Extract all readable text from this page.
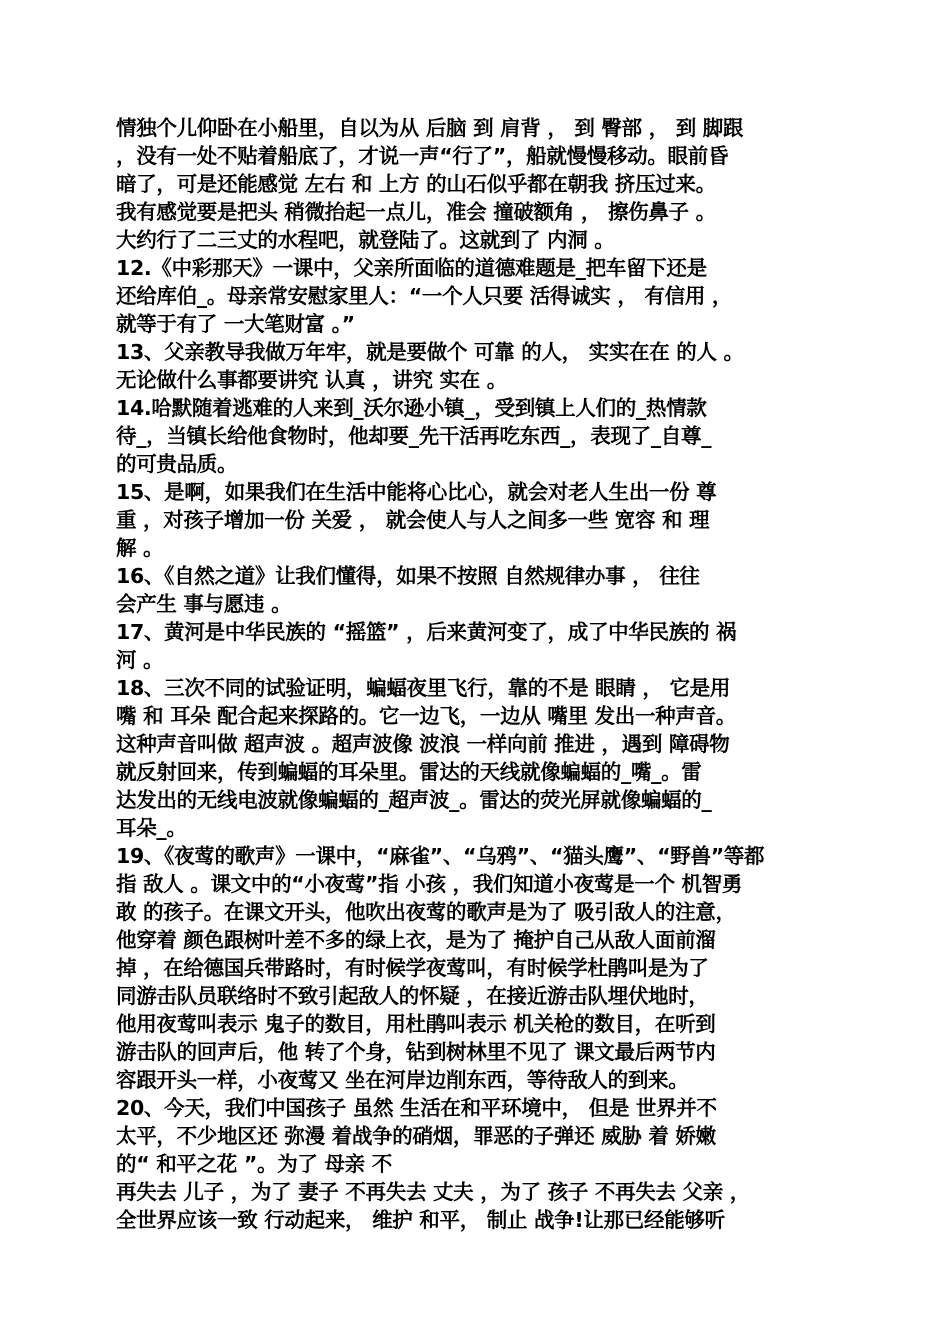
情独个儿仰卧在小船里，自以为从 后脑 到 肩背 ， 到 臀部 ， 到 脚跟
，没有一处不贴着船底了，才说一声“行了”，船就慢慢移动。眼前昏
暗了，可是还能感觉 左右 和 上方 的山石似乎都在朝我 挤压过来。
我有感觉要是把头 稍微抬起一点儿，准会 撞破额角 ， 擦伤鼻子 。
大约行了二三丈的水程吧，就登陆了。这就到了 内洞 。
12.《中彩那天》一课中，父亲所面临的道德难题是_把车留下还是
还给库伯_。母亲常安慰家里人：“一个人只要 活得诚实 ， 有信用 ，
就等于有了 一大笔财富 。”
13、父亲教导我做万年牢，就是要做个 可靠 的人， 实实在在 的人 。
无论做什么事都要讲究 认真 ，讲究 实在 。
14.哈默随着逃难的人来到_沃尔逊小镇_，受到镇上人们的_热情款
待_，当镇长给他食物时，他却要_先干活再吃东西_，表现了_自尊_
的可贵品质。
15、是啊，如果我们在生活中能将心比心，就会对老人生出一份 尊
重 ，对孩子增加一份 关爱 ， 就会使人与人之间多一些 宽容 和 理
解 。
16、《自然之道》让我们懂得，如果不按照 自然规律办事 ， 往往
会产生 事与愿违 。
17、黄河是中华民族的 “摇篮” ，后来黄河变了，成了中华民族的 祸
河 。
18、三次不同的试验证明，蝙蝠夜里飞行，靠的不是 眼睛 ， 它是用
嘴 和 耳朵 配合起来探路的。它一边飞，一边从 嘴里 发出一种声音。
这种声音叫做 超声波 。超声波像 波浪 一样向前 推进 ，遇到 障碍物
就反射回来，传到蝙蝠的耳朵里。雷达的天线就像蝙蝠的_嘴_。雷
达发出的无线电波就像蝙蝠的_超声波_。雷达的荧光屏就像蝙蝠的_
耳朵_。
19、《夜莺的歌声》一课中，“麻雀”、“乌鸦”、“猫头鹰”、“野兽”等都
指 敌人 。课文中的“小夜莺”指 小孩 ，我们知道小夜莺是一个 机智勇
敢 的孩子。在课文开头，他吹出夜莺的歌声是为了 吸引敌人的注意，
他穿着 颜色跟树叶差不多的绿上衣，是为了 掩护自己从敌人面前溜
掉 ，在给德国兵带路时，有时候学夜莺叫，有时候学杜鹃叫是为了
同游击队员联络时不致引起敌人的怀疑 ，在接近游击队埋伏地时，
他用夜莺叫表示 鬼子的数目，用杜鹃叫表示 机关枪的数目，在听到
游击队的回声后，他 转了个身，钻到树林里不见了 课文最后两节内
容跟开头一样，小夜莺又 坐在河岸边削东西，等待敌人的到来。
20、今天，我们中国孩子 虽然 生活在和平环境中， 但是 世界并不
太平，不少地区还 弥漫 着战争的硝烟，罪恶的子弹还 威胁 着 娇嫩
的“ 和平之花 ”。为了 母亲 不
再失去 儿子 ，为了 妻子 不再失去 丈夫 ，为了 孩子 不再失去 父亲 ，
全世界应该一致 行动起来， 维护 和平， 制止 战争!让那已经能够听
